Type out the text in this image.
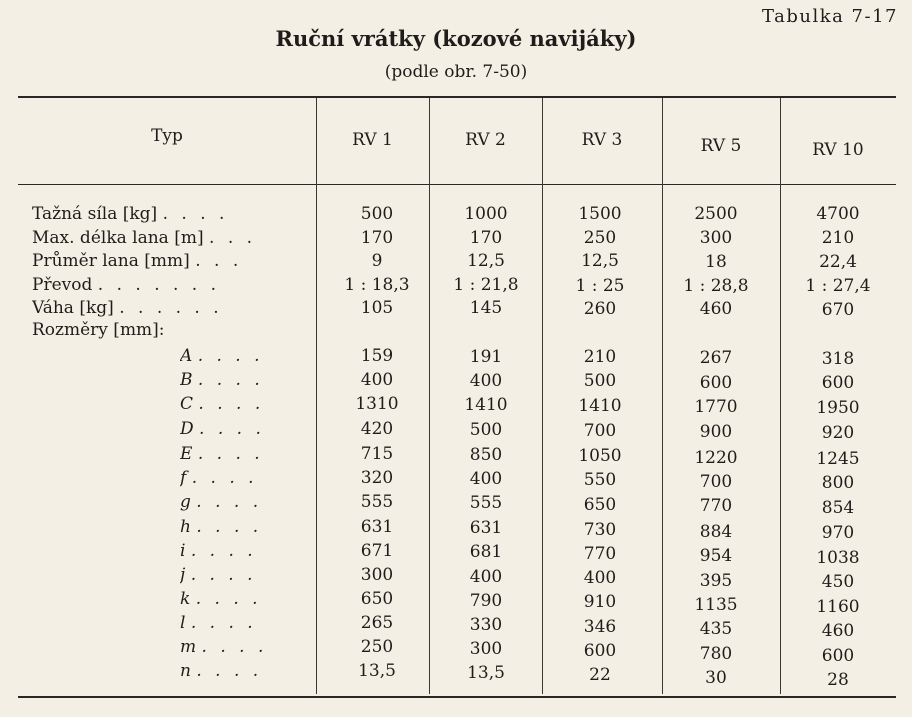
Tabulka 7-17
Ruční vrátky (kozové navijáky)
(podle obr. 7-50)
Typ	RV 1	RV 2	RV 3	RV 5	RV 10
Tažná síla [kg] . . . .	500	1000	1500	2500	4700
Max. délka lana [m] . . .	170	170	250	300	210
Průměr lana [mm] . . .	9	12,5	12,5	18	22,4
Převod . . . . . . .	1 : 18,3	1 : 21,8	1 : 25	1 : 28,8	1 : 27,4
Váha [kg] . . . . . .	105	145	260	460	670
Rozměry [mm]:
A . . . .	159	191	210	267	318
B . . . .	400	400	500	600	600
C . . . .	1310	1410	1410	1770	1950
D . . . .	420	500	700	900	920
E . . . .	715	850	1050	1220	1245
f . . . .	320	400	550	700	800
g . . . .	555	555	650	770	854
h . . . .	631	631	730	884	970
i . . . .	671	681	770	954	1038
j . . . .	300	400	400	395	450
k . . . .	650	790	910	1135	1160
l . . . .	265	330	346	435	460
m . . . .	250	300	600	780	600
n . . . .	13,5	13,5	22	30	28
